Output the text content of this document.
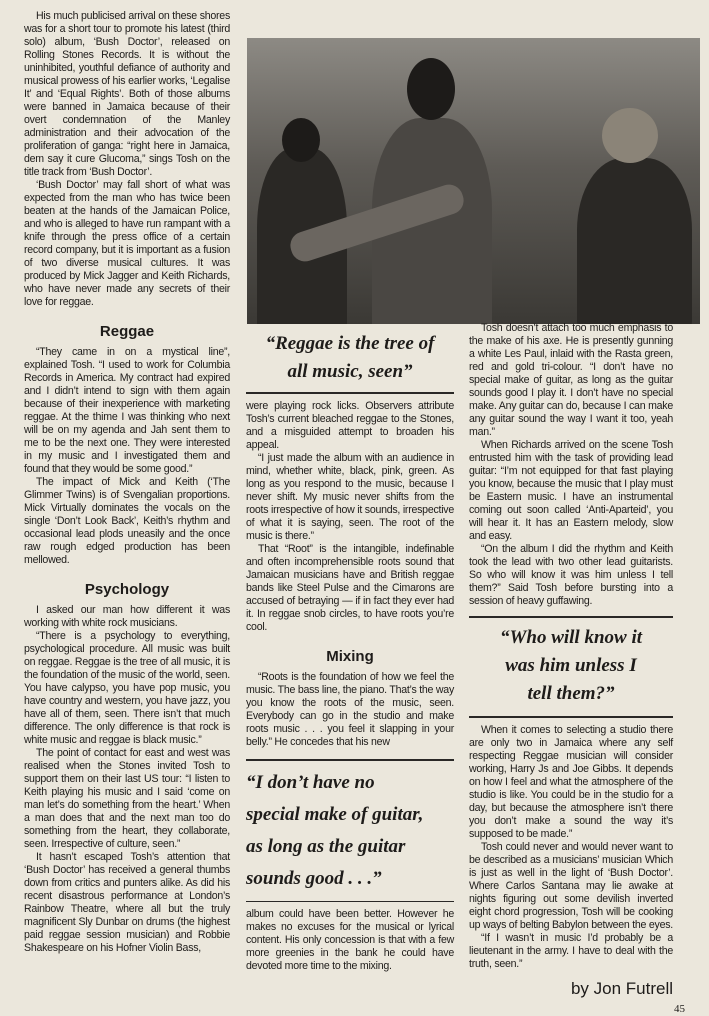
His much publicised arrival on these shores was for a short tour to promote his latest (third solo) album, ‘Bush Doctor’, released on Rolling Stones Records. It is without the uninhibited, youthful defiance of authority and musical prowess of his earlier works, ‘Legalise It’ and ‘Equal Rights’. Both of those albums were banned in Jamaica because of their overt condemnation of the Manley administration and their advocation of the proliferation of ganga: “right here in Jamaica, dem say it cure Glucoma,” sings Tosh on the title track from ‘Bush Doctor’.

‘Bush Doctor’ may fall short of what was expected from the man who has twice been beaten at the hands of the Jamaican Police, and who is alleged to have run rampant with a knife through the press office of a certain record company, but it is important as a fusion of two diverse musical cultures. It was produced by Mick Jagger and Keith Richards, who have never made any secrets of their love for reggae.

Reggae

“They came in on a mystical line”, explained Tosh. “I used to work for Columbia Records in America. My contract had expired and I didn’t intend to sign with them again because of their inexperience with marketing reggae. At the thime I was thinking who next will be on my agenda and Jah sent them to me to be the next one. They were interested in my music and I investigated them and found that they would be some good.”

The impact of Mick and Keith (‘The Glimmer Twins) is of Svengalian proportions. Mick Virtually dominates the vocals on the single ‘Don’t Look Back’, Keith’s rhythm and occasional lead plods uneasily and the once raw rough edged production has been mellowed.

Psychology

I asked our man how different it was working with white rock musicians.

“There is a psychology to everything, psychological procedure. All music was built on reggae. Reggae is the tree of all music, it is the foundation of the music of the world, seen. You have calypso, you have pop music, you have country and western, you have jazz, you have all of them, seen. There isn’t that much difference. The only difference is that rock is white music and reggae is black music.”

The point of contact for east and west was realised when the Stones invited Tosh to support them on their last US tour: “I listen to Keith playing his music and I said ‘come on man let’s do something from the heart.’ When a man does that and the next man too do something from the heart, they collaborate, seen. Irrespective of culture, seen.”

It hasn’t escaped Tosh’s attention that ‘Bush Doctor’ has received a general thumbs down from critics and punters alike. As did his recent disastrous performance at London’s Rainbow Theatre, where all but the truly magnificent Sly Dunbar on drums (the highest paid reggae session musician) and Robbie Shakespeare on his Hofner Violin Bass,

“Reggae is the tree of all music, seen”

were playing rock licks. Observers attribute Tosh’s current bleached reggae to the Stones, and a misguided attempt to broaden his appeal.

“I just made the album with an audience in mind, whether white, black, pink, green. As long as you respond to the music, because I never shift. My music never shifts from the roots irrespective of how it sounds, irrespective of what it is saying, seen. The root of the music is there.”

That “Root” is the intangible, indefinable and often incomprehensible roots sound that Jamaican musicians have and British reggae bands like Steel Pulse and the Cimarons are accused of betraying — if in fact they ever had it. In reggae snob circles, to have roots you’re cool.

Mixing

“Roots is the foundation of how we feel the music. The bass line, the piano. That’s the way you know the roots of the music, seen. Everybody can go in the studio and make roots music . . . you feel it slapping in your belly.” He concedes that his new

“I don’t have no
special make of guitar,
as long as the guitar
sounds good . . .”

album could have been better. However he makes no excuses for the musical or lyrical content. His only concession is that with a few more greenies in the bank he could have devoted more time to the mixing.

Tosh doesn’t attach too much emphasis to the make of his axe. He is presently gunning a white Les Paul, inlaid with the Rasta green, red and gold tri-colour. “I don’t have no special make of guitar, as long as the guitar sounds good I play it. I don’t have no special make. Any guitar can do, because I can make any guitar sound the way I want it too, yeah man.”

When Richards arrived on the scene Tosh entrusted him with the task of providing lead guitar: “I’m not equipped for that fast playing you know, because the music that I play must be Eastern music. I have an instrumental coming out soon called ‘Anti-Aparteid’, you will hear it. It has an Eastern melody, slow and easy.

“On the album I did the rhythm and Keith took the lead with two other lead guitarists. So who will know it was him unless I tell them?” Said Tosh before bursting into a session of heavy guffawing.

“Who will know it
was him unless I
tell them?”

When it comes to selecting a studio there are only two in Jamaica where any self respecting Reggae musician will consider working, Harry Js and Joe Gibbs. It depends on how I feel and what the atmosphere of the studio is like. You could be in the studio for a day, but because the atmosphere isn’t there you don’t make a sound the way it’s supposed to be made.”

Tosh could never and would never want to be described as a musicians’ musician Which is just as well in the light of ‘Bush Doctor’. Where Carlos Santana may lie awake at nights figuring out some devilish inverted eight chord progression, Tosh will be cooking up ways of belting Babylon between the eyes.

“If I wasn’t in music I’d probably be a lieutenant in the army. I have to deal with the truth, seen.”

by Jon Futrell
45
